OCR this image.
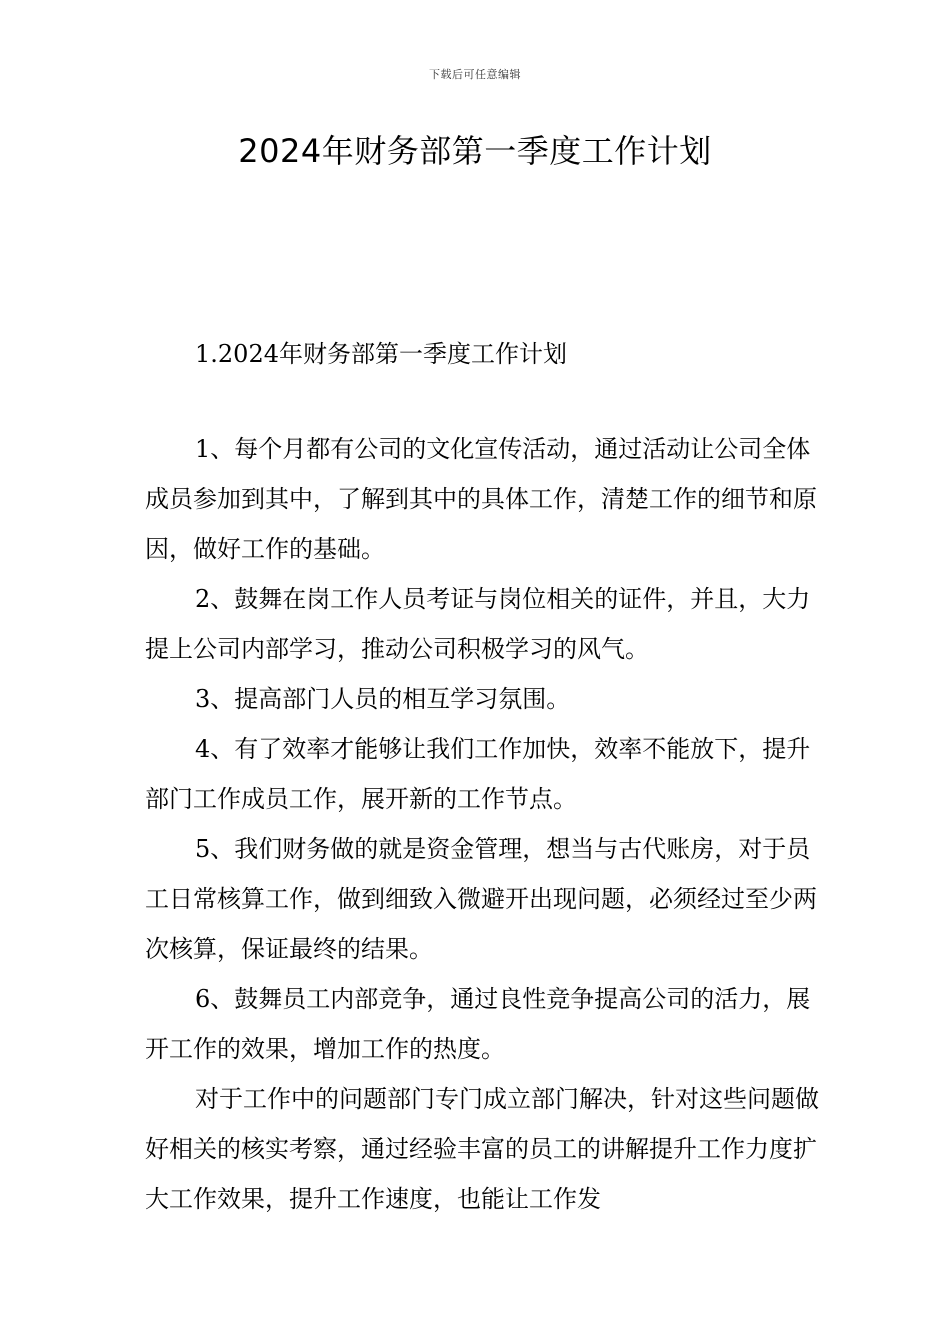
下载后可任意编辑
2024年财务部第一季度工作计划
1.2024年财务部第一季度工作计划

1、每个月都有公司的文化宣传活动，通过活动让公司全体成员参加到其中，了解到其中的具体工作，清楚工作的细节和原因，做好工作的基础。

2、鼓舞在岗工作人员考证与岗位相关的证件，并且，大力提上公司内部学习，推动公司积极学习的风气。

3、提高部门人员的相互学习氛围。

4、有了效率才能够让我们工作加快，效率不能放下，提升部门工作成员工作，展开新的工作节点。

5、我们财务做的就是资金管理，想当与古代账房，对于员工日常核算工作，做到细致入微避开出现问题，必须经过至少两次核算，保证最终的结果。

6、鼓舞员工内部竞争，通过良性竞争提高公司的活力，展开工作的效果，增加工作的热度。

对于工作中的问题部门专门成立部门解决，针对这些问题做好相关的核实考察，通过经验丰富的员工的讲解提升工作力度扩大工作效果，提升工作速度，也能让工作发
